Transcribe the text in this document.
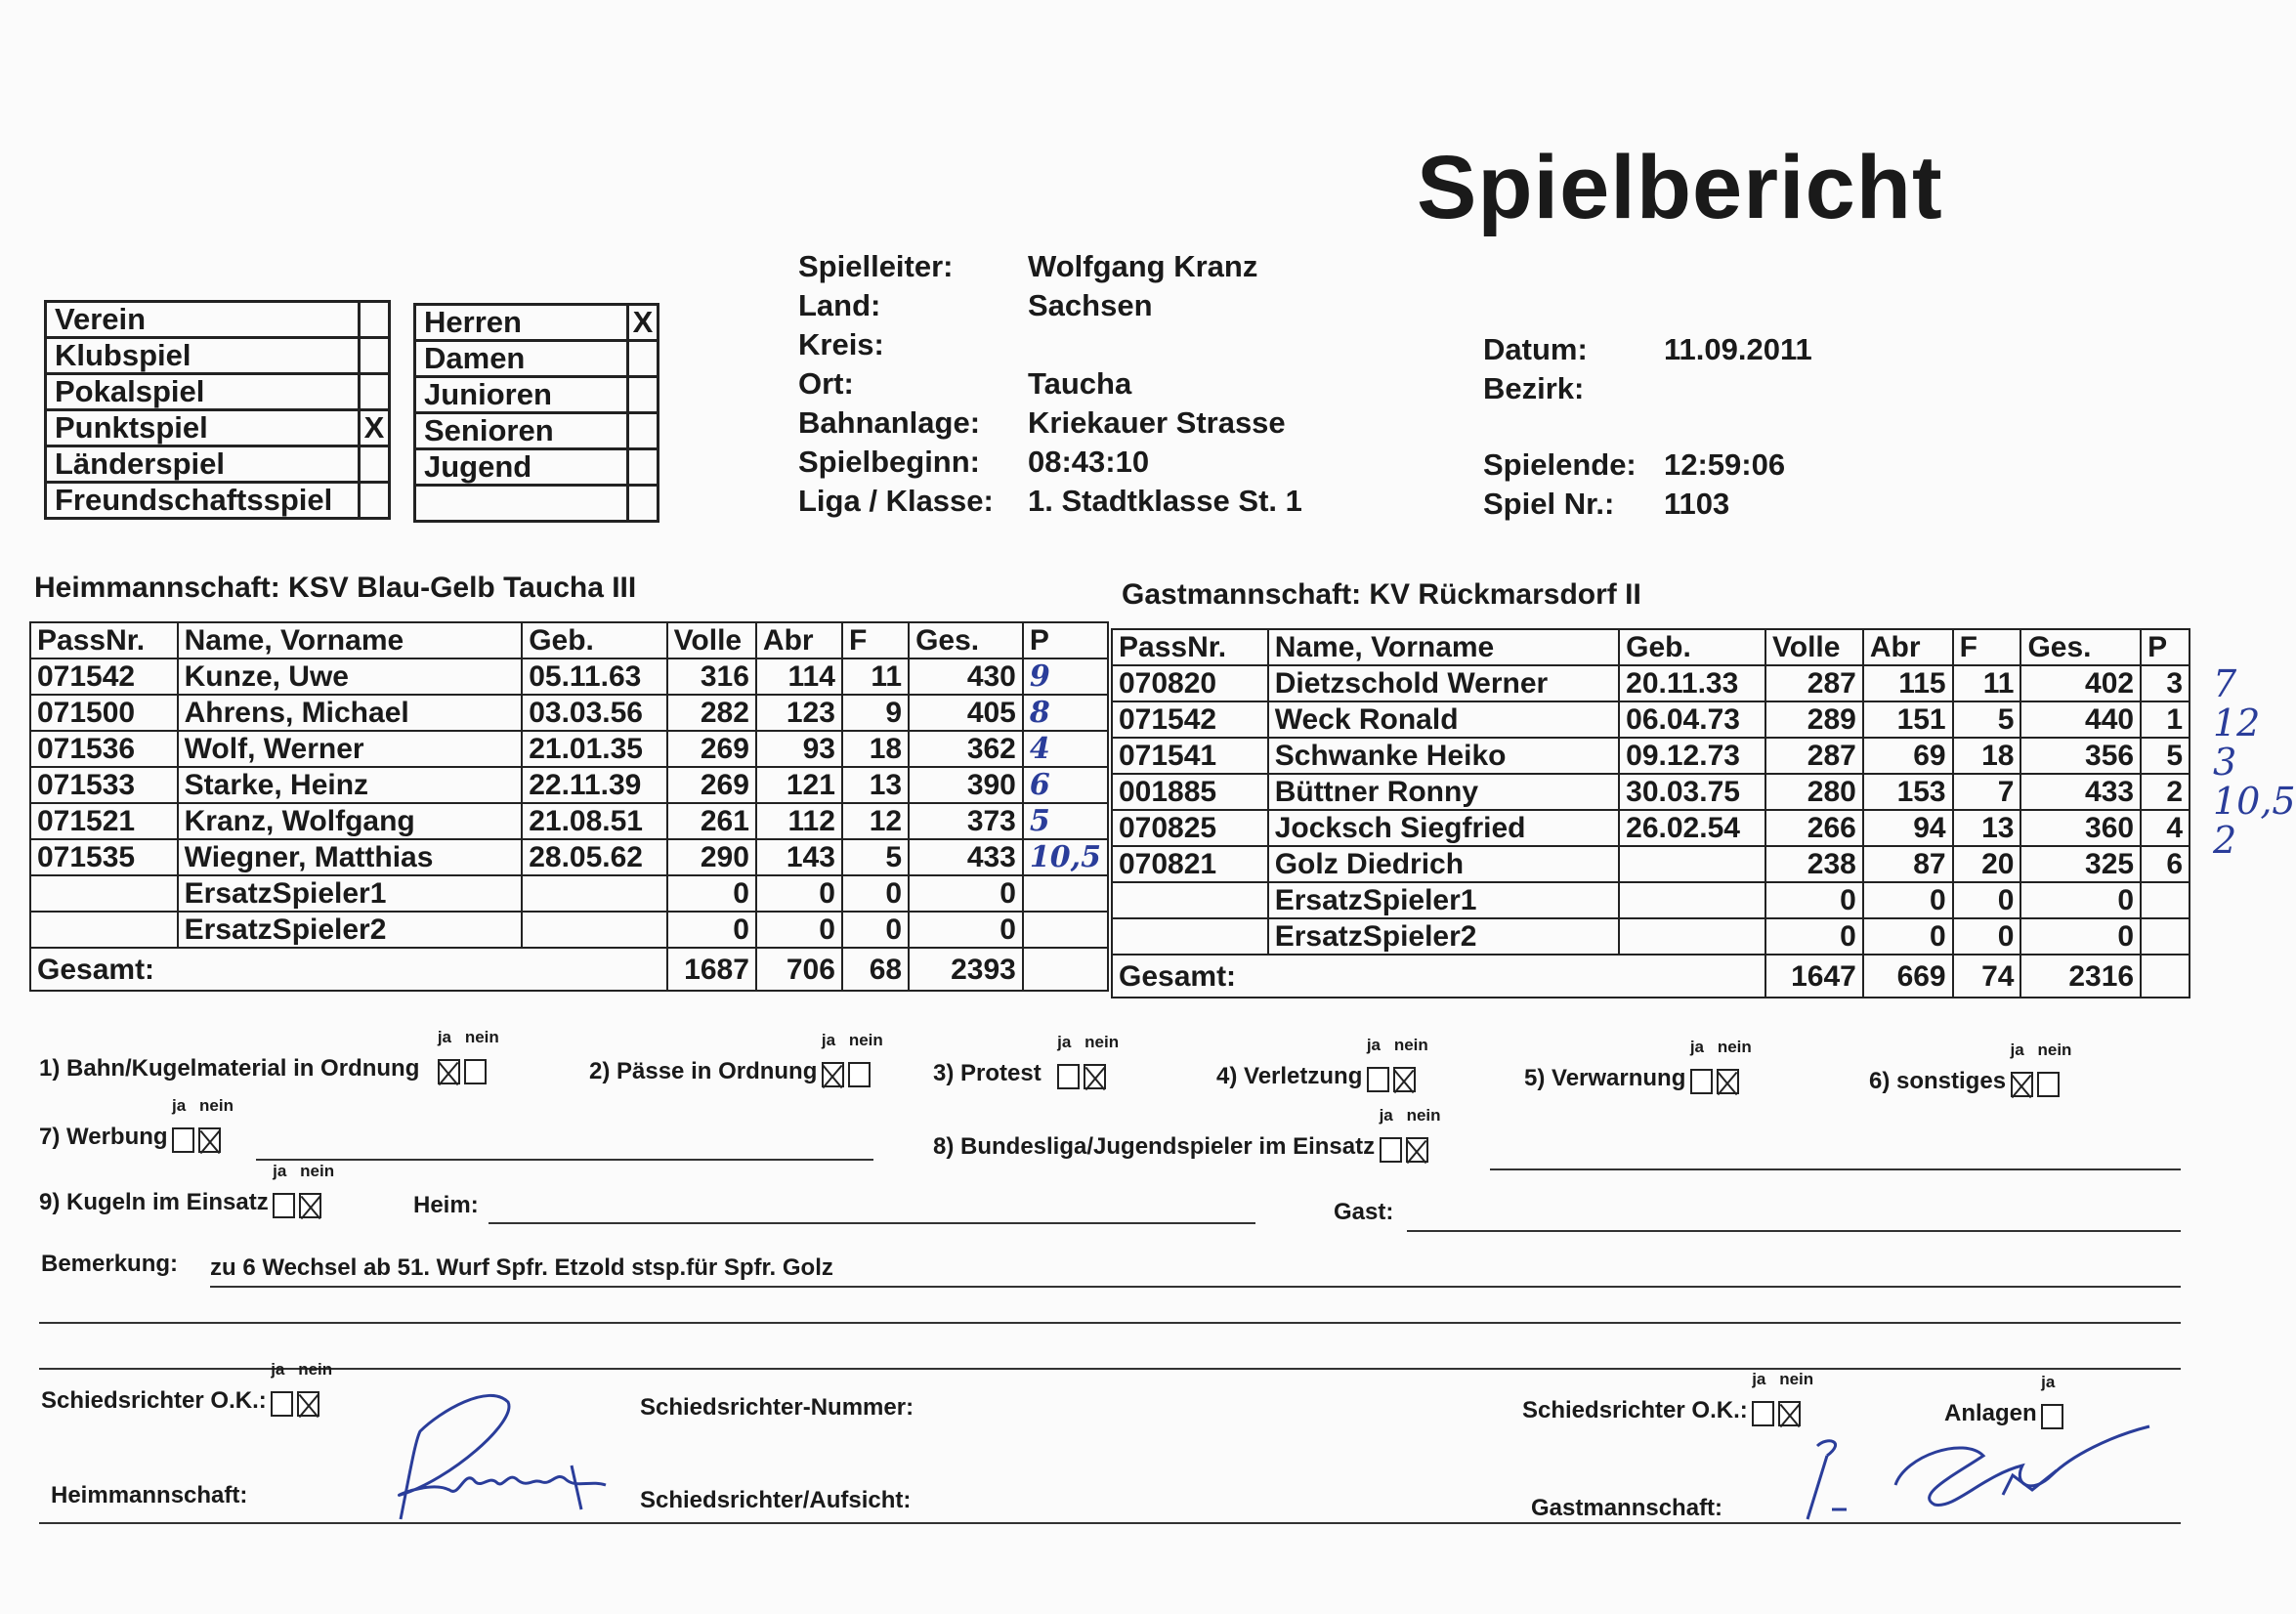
Spielbericht
Verein	
Klubspiel	
Pokalspiel	
Punktspiel	X
Länderspiel	
Freundschaftsspiel	
Herren	X
Damen	
Junioren	
Senioren	
Jugend	

Spielleiter: Wolfgang Kranz
Land:	Sachsen
Kreis:
Ort:	Taucha
Bahnanlage: Kriekauer Strasse
Spielbeginn: 08:43:10
Liga / Klasse: 1. Stadtklasse St. 1
Datum:	11.09.2011
Bezirk:
Spielende: 12:59:06
Spiel Nr.: 1103
Heimmannschaft: KSV Blau-Gelb Taucha III	Gastmannschaft: KV Rückmarsdorf II
PassNr.	Name, Vorname	Geb.	Volle	Abr	F	Ges.	P
071542	Kunze, Uwe	05.11.63	316	114	11	430	9
071500	Ahrens, Michael	03.03.56	282	123	9	405	8
071536	Wolf, Werner	21.01.35	269	93	18	362	4
071533	Starke, Heinz	22.11.39	269	121	13	390	6
071521	Kranz, Wolfgang	21.08.51	261	112	12	373	5
071535	Wiegner, Matthias	28.05.62	290	143	5	433	10,5
	ErsatzSpieler1		0	0	0	0	
	ErsatzSpieler2		0	0	0	0	
Gesamt:			1687	706	68	2393	
PassNr.	Name, Vorname	Geb.	Volle	Abr	F	Ges.	P
070820	Dietzschold Werner	20.11.33	287	115	11	402	3
071542	Weck Ronald	06.04.73	289	151	5	440	1
071541	Schwanke Heiko	09.12.73	287	69	18	356	5
001885	Büttner Ronny	30.03.75	280	153	7	433	2
070825	Jocksch Siegfried	26.02.54	266	94	13	360	4
070821	Golz Diedrich		238	87	20	325	6
	ErsatzSpieler1		0	0	0	0	
	ErsatzSpieler2		0	0	0	0	
Gesamt:			1647	669	74	2316	
7
12
3
10,5
2
1) Bahn/Kugelmaterial in Ordnung
ja nein
2) Pässe in Ordnung
ja nein
3) Protest
ja nein
4) Verletzung
ja nein
5) Verwarnung
ja nein
6) sonstiges
ja nein
7) Werbung
ja nein
8) Bundesliga/Jugendspieler im Einsatz
ja nein
9) Kugeln im Einsatz
ja nein
Heim:	Gast:
Bemerkung: zu 6 Wechsel ab 51. Wurf Spfr. Etzold stsp.für Spfr. Golz
Schiedsrichter O.K.:
ja nein
Schiedsrichter-Nummer:	Schiedsrichter O.K.:
ja nein
Anlagen
ja
Heimmannschaft:	Schiedsrichter/Aufsicht:	Gastmannschaft:
